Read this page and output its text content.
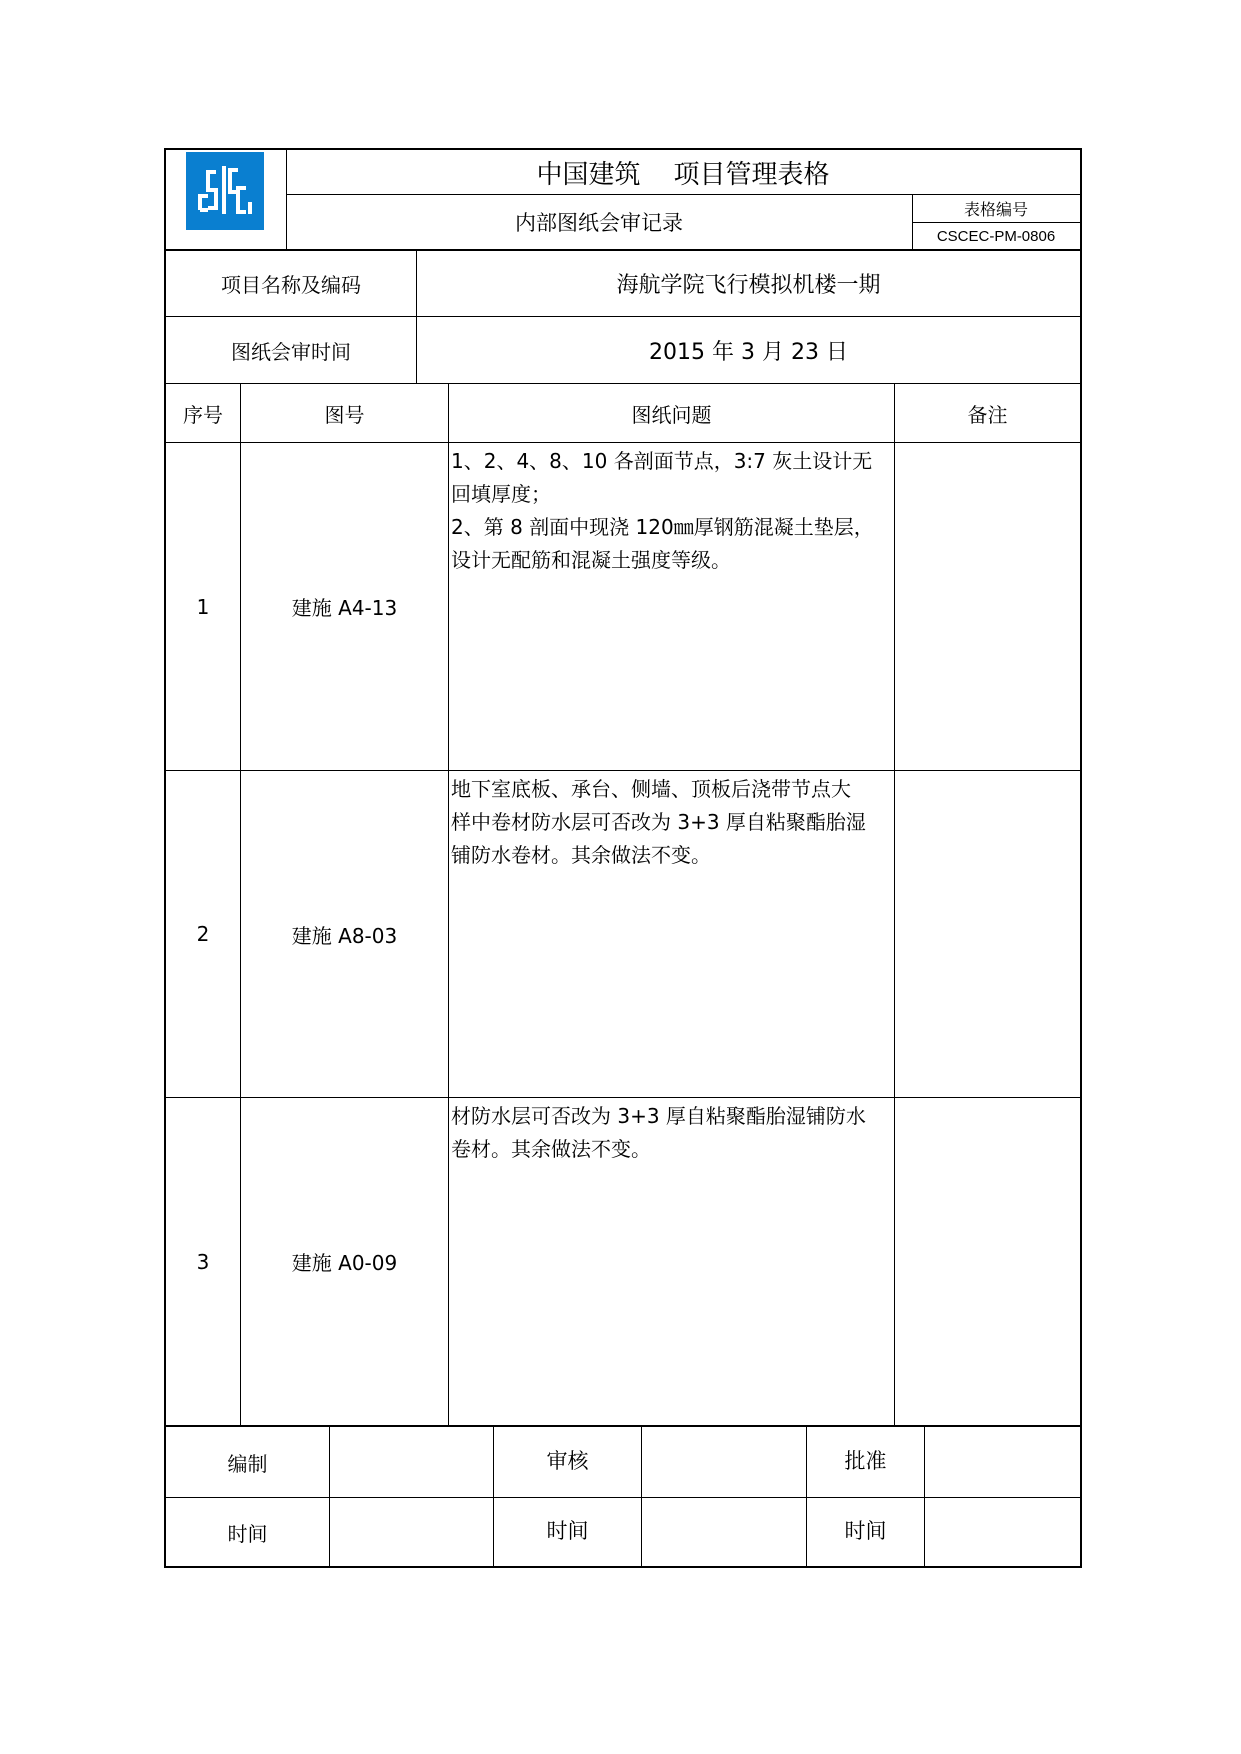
中国建筑    项目管理表格
内部图纸会审记录
表格编号
CSCEC-PM-0806
项目名称及编码	海航学院飞行模拟机楼一期
图纸会审时间	2015 年 3 月 23 日
序号	图号	图纸问题	备注
1	建施 A4-13
1、2、4、8、10 各剖面节点，3:7 灰土设计无
回填厚度；
2、第 8 剖面中现浇 120㎜厚钢筋混凝土垫层，
设计无配筋和混凝土强度等级。
2	建施 A8-03
地下室底板、承台、侧墙、顶板后浇带节点大
样中卷材防水层可否改为 3+3 厚自粘聚酯胎湿
铺防水卷材。其余做法不变。
3	建施 A0-09
材防水层可否改为 3+3 厚自粘聚酯胎湿铺防水
卷材。其余做法不变。
编制	审核	批准
时间	时间	时间
